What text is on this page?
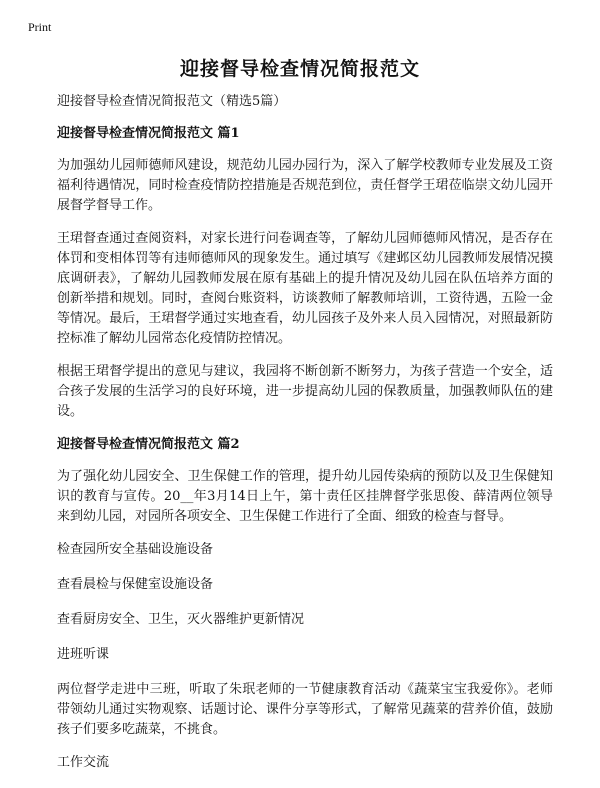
Print
迎接督导检查情况简报范文

迎接督导检查情况简报范文（精选5篇）

迎接督导检查情况简报范文 篇1

为加强幼儿园师德师风建设，规范幼儿园办园行为，深入了解学校教师专业发展及工资福利待遇情况，同时检查疫情防控措施是否规范到位，责任督学王珺莅临崇文幼儿园开展督学督导工作。

王珺督查通过查阅资料，对家长进行问卷调查等，了解幼儿园师德师风情况，是否存在体罚和变相体罚等有违师德师风的现象发生。通过填写《建邺区幼儿园教师发展情况摸底调研表》，了解幼儿园教师发展在原有基础上的提升情况及幼儿园在队伍培养方面的创新举措和规划。同时，查阅台账资料，访谈教师了解教师培训，工资待遇，五险一金等情况。最后，王珺督学通过实地查看，幼儿园孩子及外来人员入园情况，对照最新防控标准了解幼儿园常态化疫情防控情况。

根据王珺督学提出的意见与建议，我园将不断创新不断努力，为孩子营造一个安全，适合孩子发展的生活学习的良好环境，进一步提高幼儿园的保教质量，加强教师队伍的建设。

迎接督导检查情况简报范文 篇2

为了强化幼儿园安全、卫生保健工作的管理，提升幼儿园传染病的预防以及卫生保健知识的教育与宣传。20__年3月14日上午，第十责任区挂牌督学张思俊、薛清两位领导来到幼儿园，对园所各项安全、卫生保健工作进行了全面、细致的检查与督导。

检查园所安全基础设施设备

查看晨检与保健室设施设备

查看厨房安全、卫生，灭火器维护更新情况

进班听课

两位督学走进中三班，听取了朱珉老师的一节健康教育活动《蔬菜宝宝我爱你》。老师带领幼儿通过实物观察、话题讨论、课件分享等形式，了解常见蔬菜的营养价值，鼓励孩子们要多吃蔬菜，不挑食。

工作交流
